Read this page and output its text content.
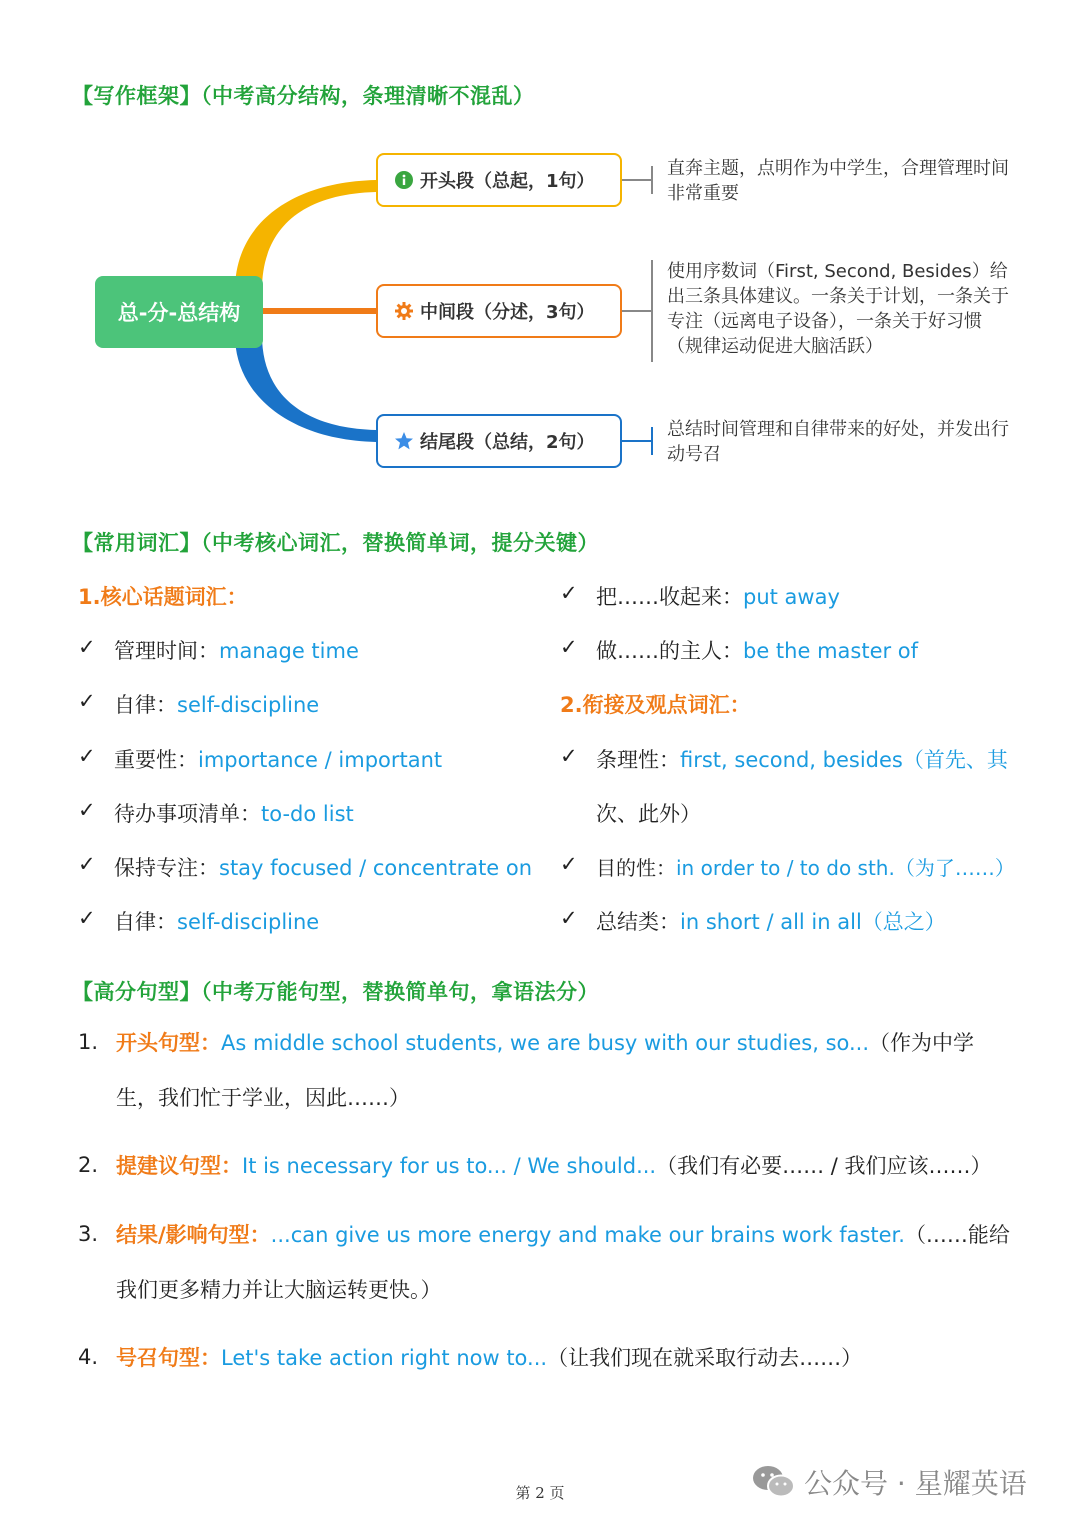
【写作框架】（中考高分结构，条理清晰不混乱）
总-分-总结构
开头段（总起，1句）
中间段（分述，3句）
结尾段（总结，2句）
直奔主题，点明作为中学生，合理管理时间非常重要
使用序数词（First, Second, Besides）给出三条具体建议。一条关于计划，一条关于专注（远离电子设备），一条关于好习惯（规律运动促进大脑活跃）
总结时间管理和自律带来的好处，并发出行动号召
【常用词汇】（中考核心词汇，替换简单词，提分关键）
1.核心话题词汇：
✓ 管理时间：manage time
✓ 自律：self-discipline
✓ 重要性：importance / important
✓ 待办事项清单：to-do list
✓ 保持专注：stay focused / concentrate on
✓ 自律：self-discipline
✓ 把……收起来：put away
✓ 做……的主人：be the master of
2.衔接及观点词汇：
✓ 条理性：first, second, besides（首先、其
次、此外）
✓ 目的性：in order to / to do sth.（为了……）
✓ 总结类：in short / all in all（总之）
【高分句型】（中考万能句型，替换简单句，拿语法分）
1. 开头句型：As middle school students, we are busy with our studies, so...（作为中学生，我们忙于学业，因此……）
2. 提建议句型：It is necessary for us to... / We should...（我们有必要…… / 我们应该……）
3. 结果/影响句型：...can give us more energy and make our brains work faster.（……能给我们更多精力并让大脑运转更快。）
4. 号召句型：Let's take action right now to...（让我们现在就采取行动去……）
第 2 页	公众号 · 星耀英语
